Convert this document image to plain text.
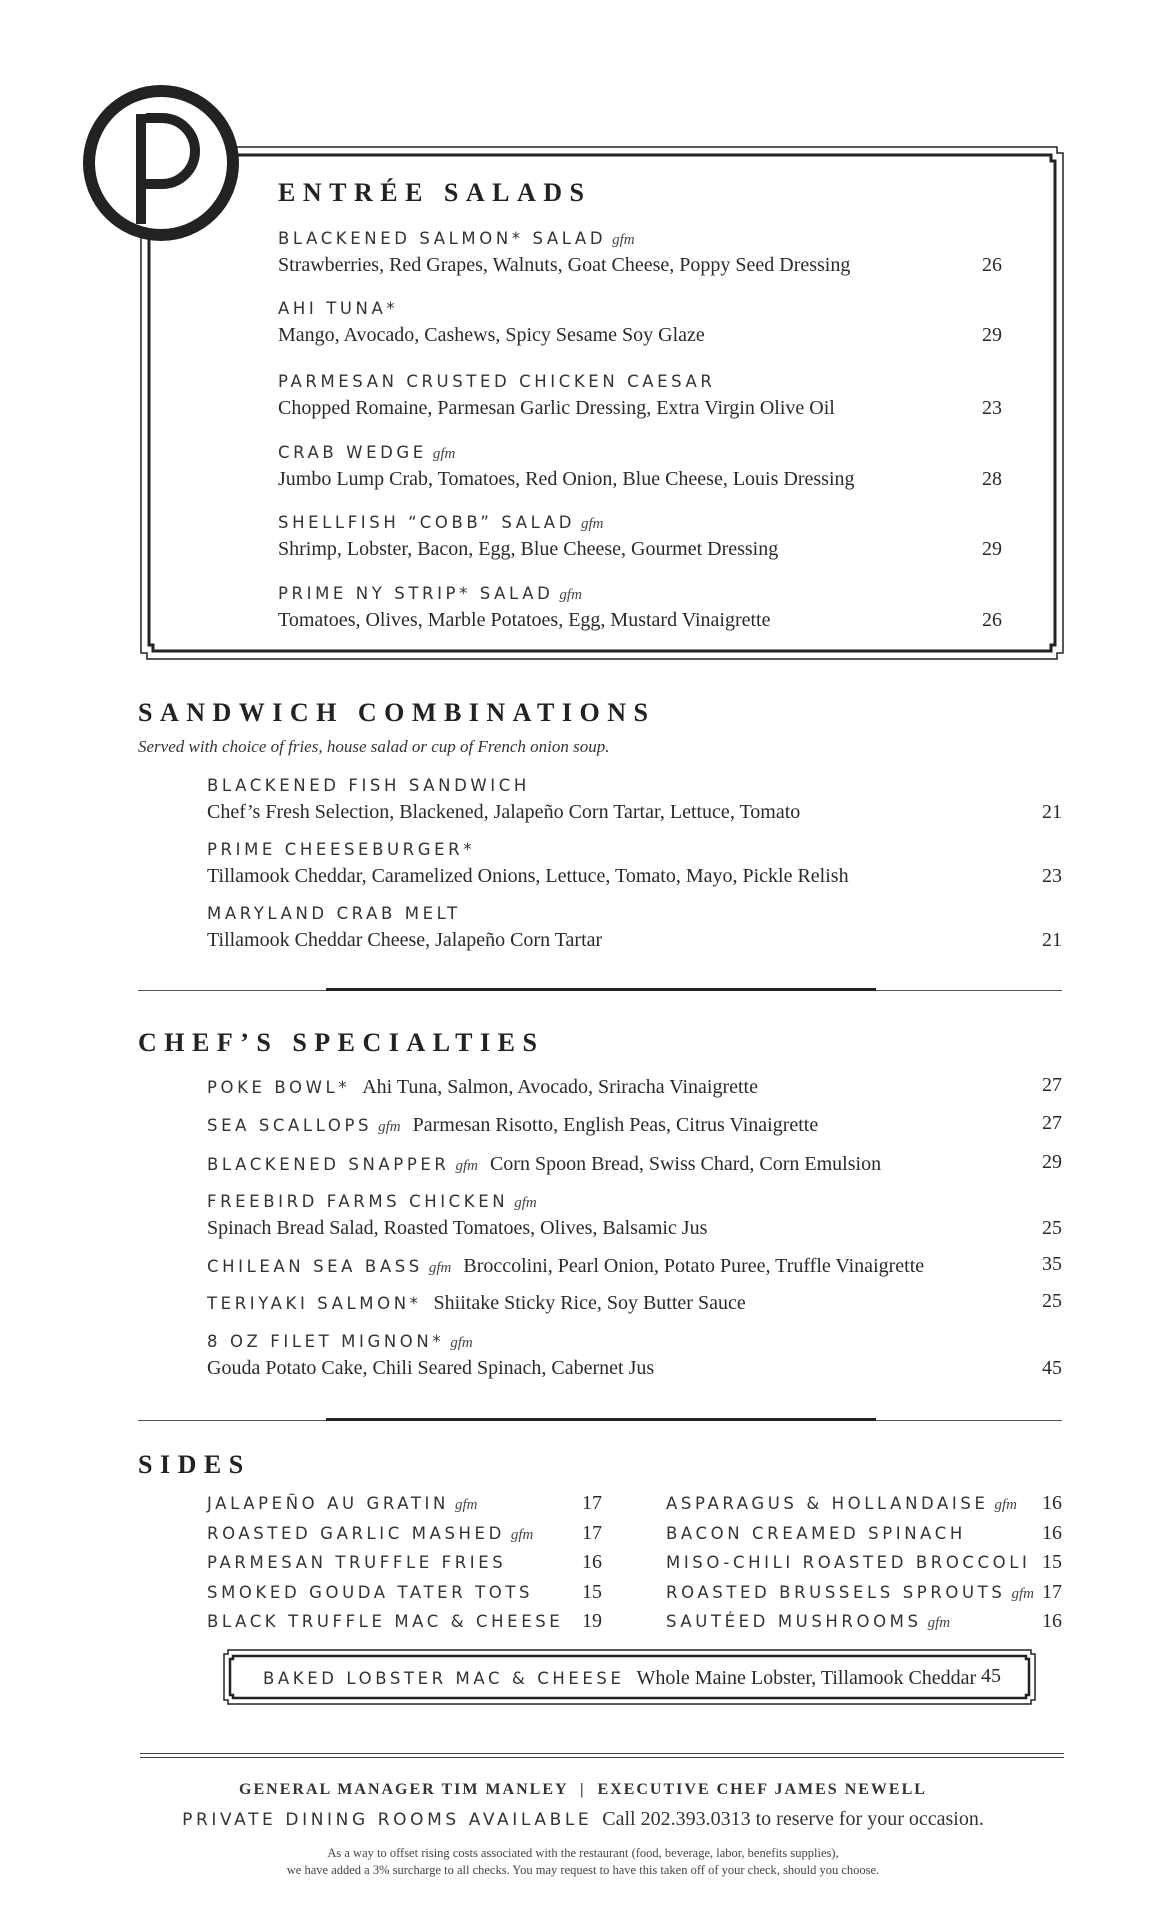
ENTRÉE SALADS
BLACKENED SALMON* SALAD gfm
Strawberries, Red Grapes, Walnuts, Goat Cheese, Poppy Seed Dressing	26
AHI TUNA*
Mango, Avocado, Cashews, Spicy Sesame Soy Glaze	29
PARMESAN CRUSTED CHICKEN CAESAR
Chopped Romaine, Parmesan Garlic Dressing, Extra Virgin Olive Oil	23
CRAB WEDGE gfm
Jumbo Lump Crab, Tomatoes, Red Onion, Blue Cheese, Louis Dressing	28
SHELLFISH “COBB” SALAD gfm
Shrimp, Lobster, Bacon, Egg, Blue Cheese, Gourmet Dressing	29
PRIME NY STRIP* SALAD gfm
Tomatoes, Olives, Marble Potatoes, Egg, Mustard Vinaigrette	26
SANDWICH COMBINATIONS
Served with choice of fries, house salad or cup of French onion soup.
BLACKENED FISH SANDWICH
Chef’s Fresh Selection, Blackened, Jalapeño Corn Tartar, Lettuce, Tomato	21
PRIME CHEESEBURGER*
Tillamook Cheddar, Caramelized Onions, Lettuce, Tomato, Mayo, Pickle Relish	23
MARYLAND CRAB MELT
Tillamook Cheddar Cheese, Jalapeño Corn Tartar	21
CHEF’S SPECIALTIES
POKE BOWL* Ahi Tuna, Salmon, Avocado, Sriracha Vinaigrette	27
SEA SCALLOPS gfm Parmesan Risotto, English Peas, Citrus Vinaigrette	27
BLACKENED SNAPPER gfm Corn Spoon Bread, Swiss Chard, Corn Emulsion	29
FREEBIRD FARMS CHICKEN gfm
Spinach Bread Salad, Roasted Tomatoes, Olives, Balsamic Jus	25
CHILEAN SEA BASS gfm Broccolini, Pearl Onion, Potato Puree, Truffle Vinaigrette	35
TERIYAKI SALMON* Shiitake Sticky Rice, Soy Butter Sauce	25
8 OZ FILET MIGNON* gfm
Gouda Potato Cake, Chili Seared Spinach, Cabernet Jus	45
SIDES
JALAPEÑO AU GRATIN gfm	17
ROASTED GARLIC MASHED gfm	17
PARMESAN TRUFFLE FRIES	16
SMOKED GOUDA TATER TOTS	15
BLACK TRUFFLE MAC & CHEESE 19
ASPARAGUS & HOLLANDAISE gfm	16
BACON CREAMED SPINACH	16
MISO-CHILI ROASTED BROCCOLI 15
ROASTED BRUSSELS SPROUTS gfm 17
SAUTÉED MUSHROOMS gfm	16
BAKED LOBSTER MAC & CHEESE Whole Maine Lobster, Tillamook Cheddar 45
GENERAL MANAGER TIM MANLEY  |  EXECUTIVE CHEF JAMES NEWELL
PRIVATE DINING ROOMS AVAILABLE Call 202.393.0313 to reserve for your occasion.
As a way to offset rising costs associated with the restaurant (food, beverage, labor, benefits supplies),
we have added a 3% surcharge to all checks. You may request to have this taken off of your check, should you choose.
